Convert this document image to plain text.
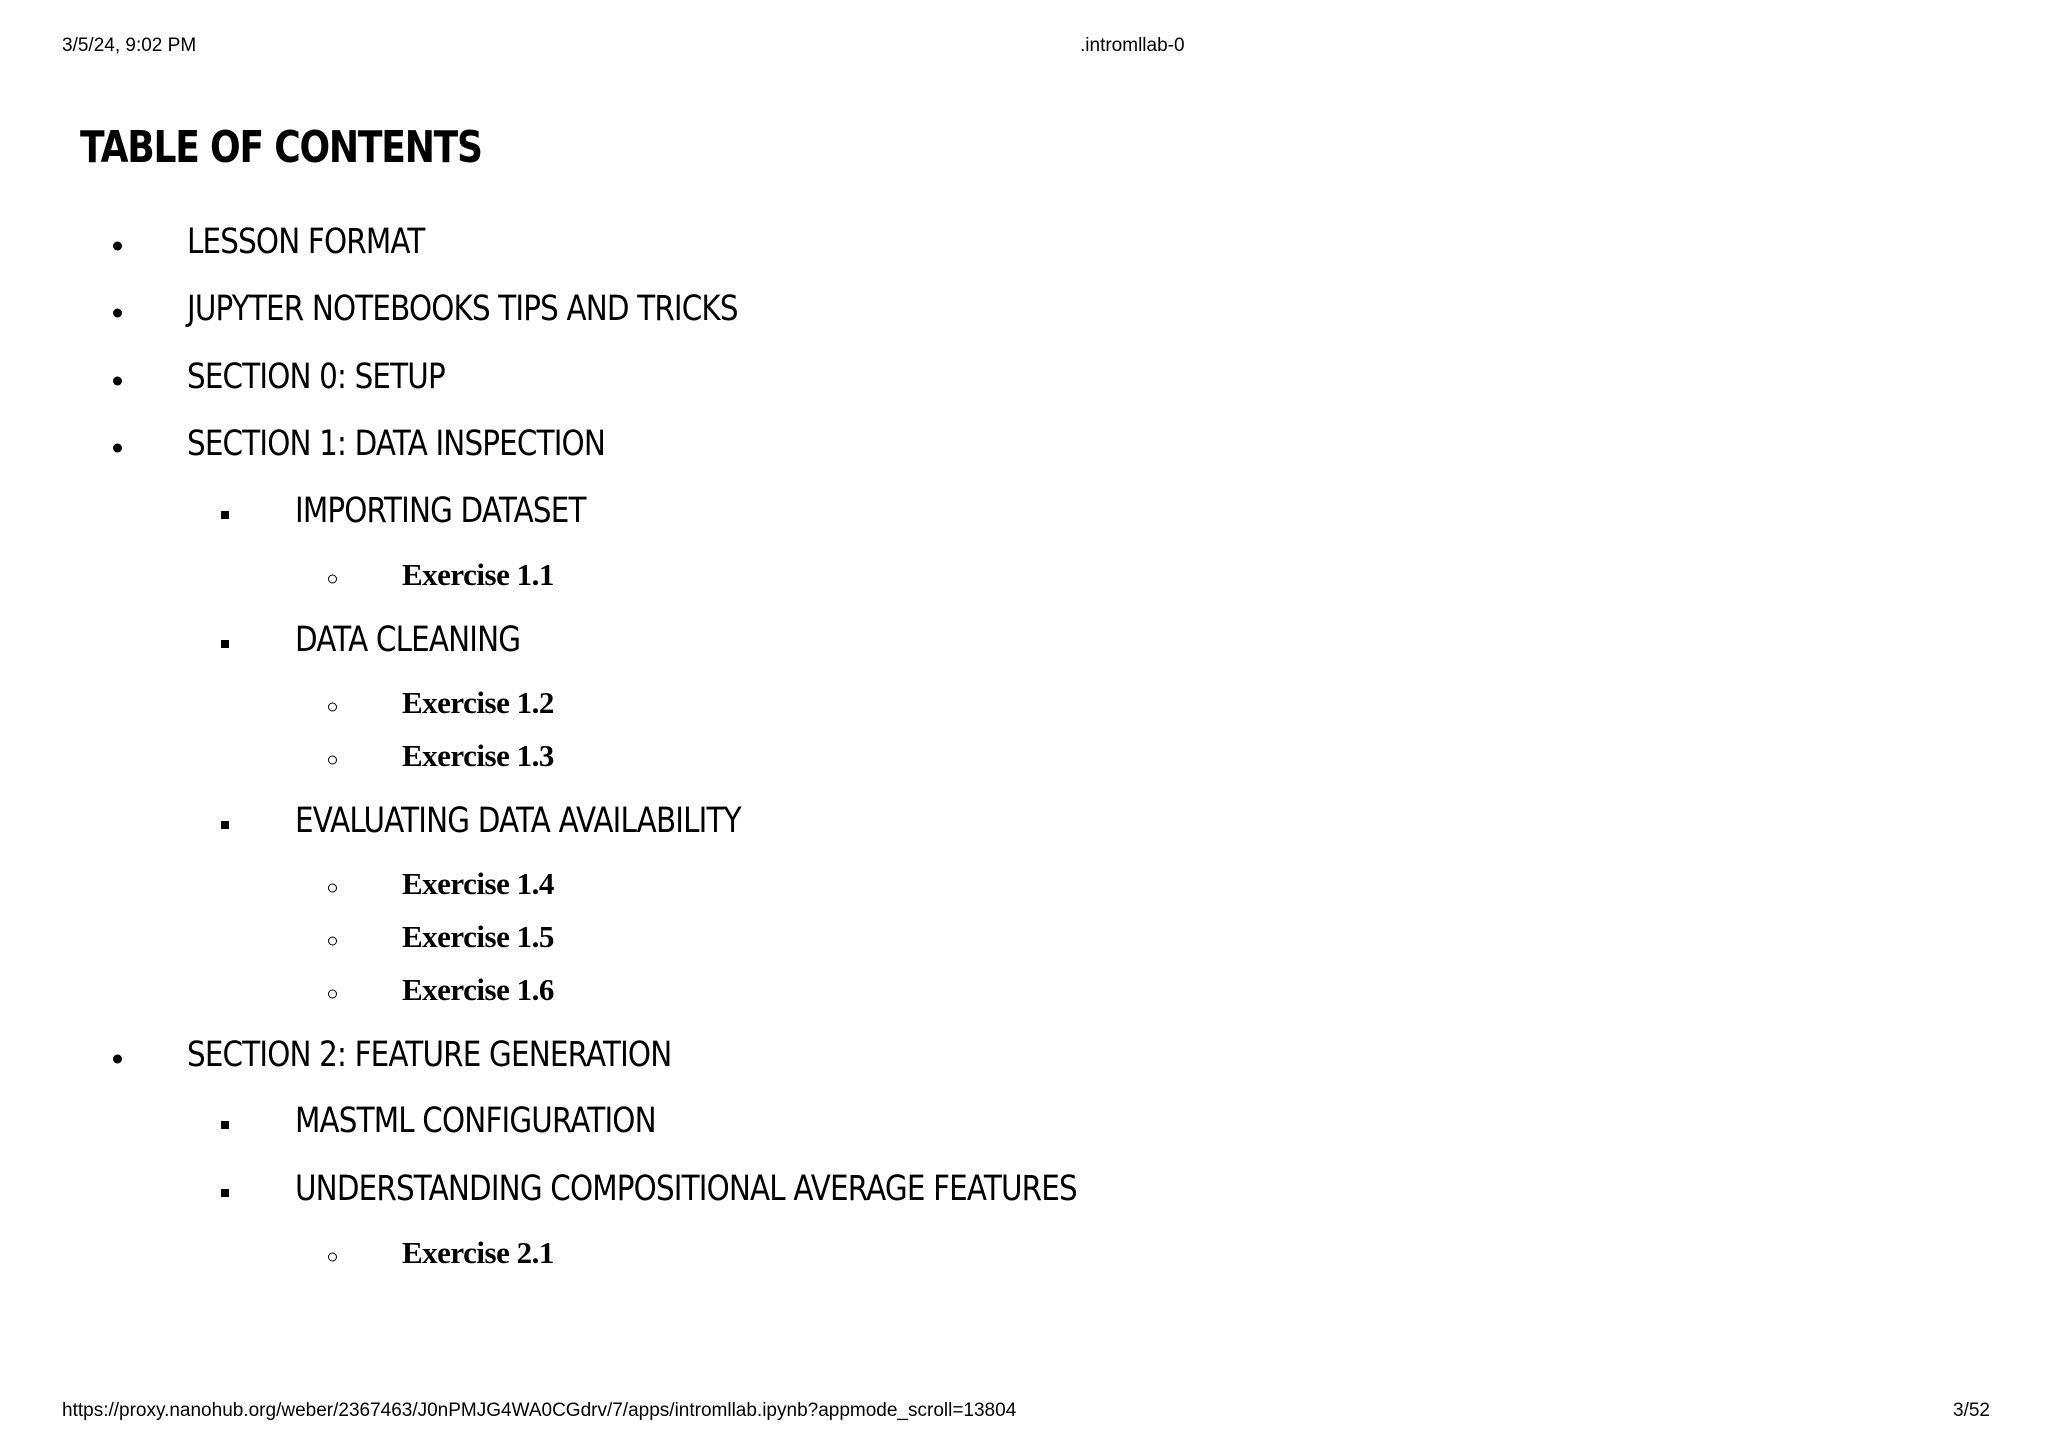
3/5/24, 9:02 PM	.intromllab-0
TABLE OF CONTENTS
LESSON FORMAT
JUPYTER NOTEBOOKS TIPS AND TRICKS
SECTION 0: SETUP
SECTION 1: DATA INSPECTION
IMPORTING DATASET
Exercise 1.1
DATA CLEANING
Exercise 1.2
Exercise 1.3
EVALUATING DATA AVAILABILITY
Exercise 1.4
Exercise 1.5
Exercise 1.6
SECTION 2: FEATURE GENERATION
MASTML CONFIGURATION
UNDERSTANDING COMPOSITIONAL AVERAGE FEATURES
Exercise 2.1
https://proxy.nanohub.org/weber/2367463/J0nPMJG4WA0CGdrv/7/apps/intromllab.ipynb?appmode_scroll=13804	3/52
